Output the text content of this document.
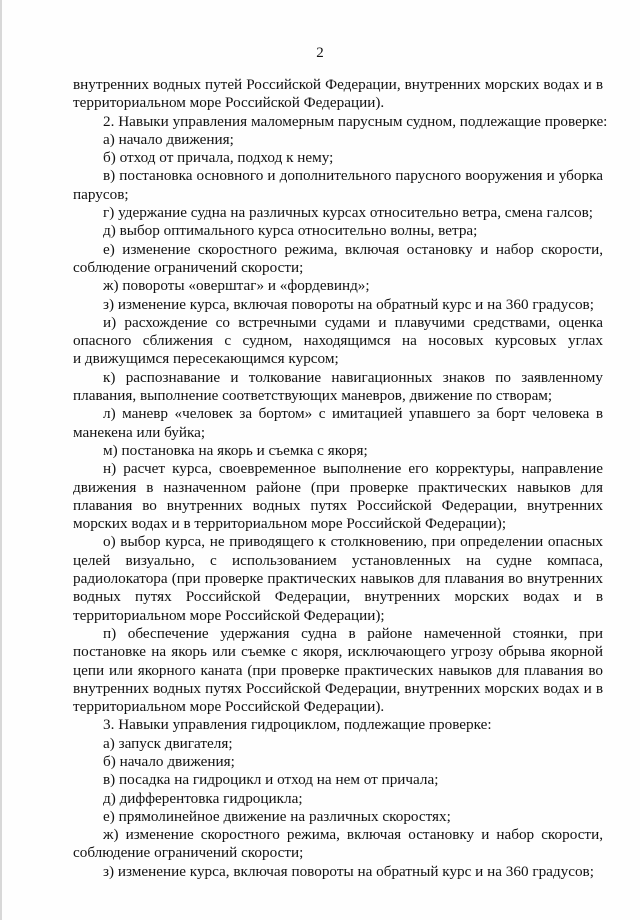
2
внутренних водных путей Российской Федерации, внутренних морских водах и в
территориальном море Российской Федерации).
2. Навыки управления маломерным парусным судном, подлежащие проверке:
а) начало движения;
б) отход от причала, подход к нему;
в) постановка основного и дополнительного парусного вооружения и уборка
парусов;
г) удержание судна на различных курсах относительно ветра, смена галсов;
д) выбор оптимального курса относительно волны, ветра;
е) изменение скоростного режима, включая остановку и набор скорости,
соблюдение ограничений скорости;
ж) повороты «оверштаг» и «фордевинд»;
з) изменение курса, включая повороты на обратный курс и на 360 градусов;
и) расхождение со встречными судами и плавучими средствами, оценка
опасного сближения с судном, находящимся на носовых курсовых углах
и движущимся пересекающимся курсом;
к) распознавание и толкование навигационных знаков по заявленному
плавания, выполнение соответствующих маневров, движение по створам;
л) маневр «человек за бортом» с имитацией упавшего за борт человека в
манекена или буйка;
м) постановка на якорь и съемка с якоря;
н) расчет курса, своевременное выполнение его корректуры, направление
движения в назначенном районе (при проверке практических навыков для
плавания во внутренних водных путях Российской Федерации, внутренних
морских водах и в территориальном море Российской Федерации);
о) выбор курса, не приводящего к столкновению, при определении опасных
целей визуально, с использованием установленных на судне компаса,
радиолокатора (при проверке практических навыков для плавания во внутренних
водных путях Российской Федерации, внутренних морских водах и в
территориальном море Российской Федерации);
п) обеспечение удержания судна в районе намеченной стоянки, при
постановке на якорь или съемке с якоря, исключающего угрозу обрыва якорной
цепи или якорного каната (при проверке практических навыков для плавания во
внутренних водных путях Российской Федерации, внутренних морских водах и в
территориальном море Российской Федерации).
3. Навыки управления гидроциклом, подлежащие проверке:
а) запуск двигателя;
б) начало движения;
в) посадка на гидроцикл и отход на нем от причала;
д) дифферентовка гидроцикла;
е) прямолинейное движение на различных скоростях;
ж) изменение скоростного режима, включая остановку и набор скорости,
соблюдение ограничений скорости;
з) изменение курса, включая повороты на обратный курс и на 360 градусов;
